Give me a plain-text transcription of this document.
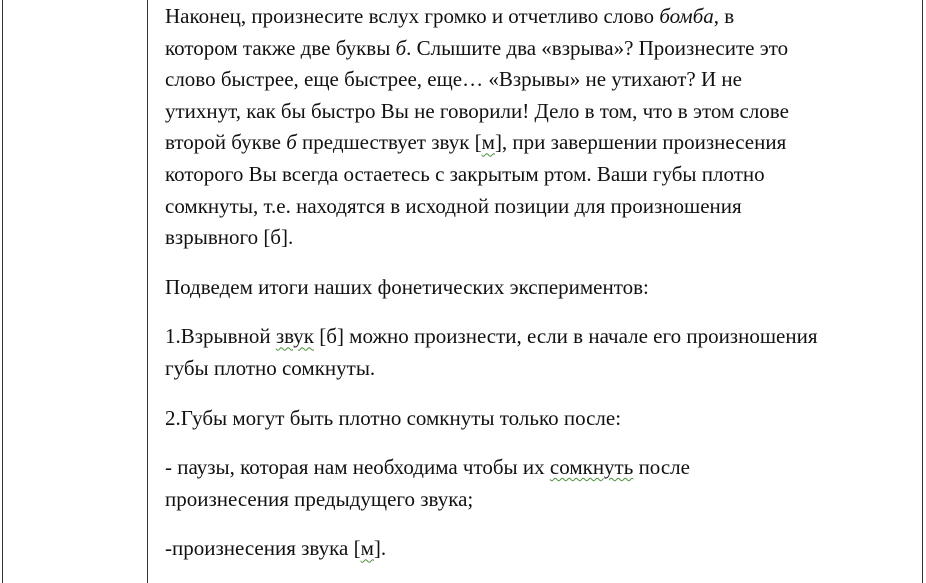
Наконец, произнесите вслух громко и отчетливо слово бомба, в
котором также две буквы б. Слышите два «взрыва»? Произнесите это
слово быстрее, еще быстрее, еще… «Взрывы» не утихают? И не
утихнут, как бы быстро Вы не говорили! Дело в том, что в этом слове
второй букве б предшествует звук [м], при завершении произнесения
которого Вы всегда остаетесь с закрытым ртом. Ваши губы плотно
сомкнуты, т.е. находятся в исходной позиции для произношения
взрывного [б].

Подведем итоги наших фонетических экспериментов:

1.Взрывной звук [б] можно произнести, если в начале его произношения
губы плотно сомкнуты.

2.Губы могут быть плотно сомкнуты только после:

- паузы, которая нам необходима чтобы их сомкнуть после
произнесения предыдущего звука;

-произнесения звука [м].
